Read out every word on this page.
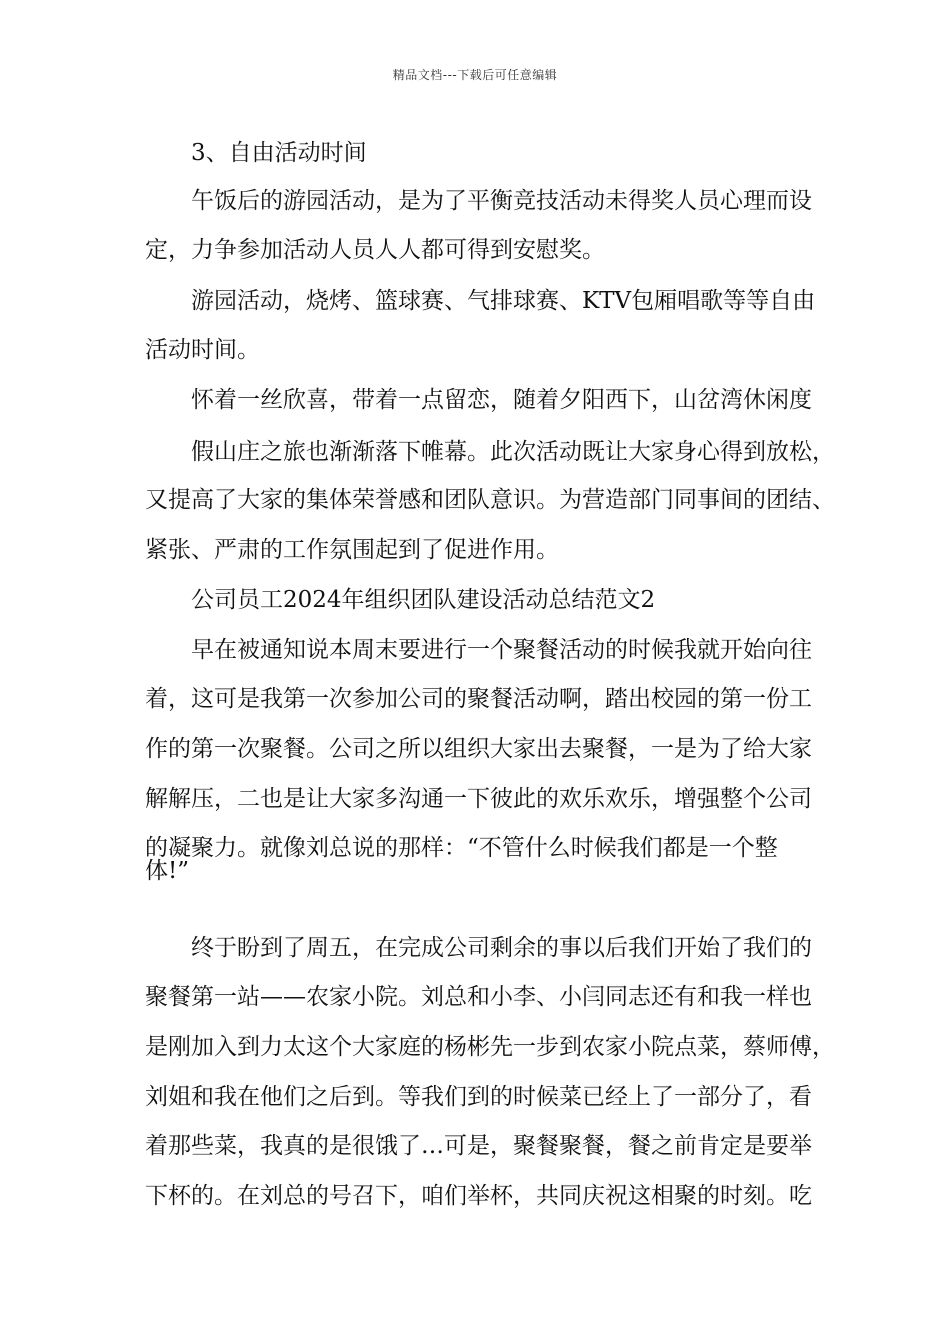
精品文档---下载后可任意编辑
3、自由活动时间
午饭后的游园活动，是为了平衡竞技活动未得奖人员心理而设
定，力争参加活动人员人人都可得到安慰奖。
游园活动，烧烤、篮球赛、气排球赛、KTV包厢唱歌等等自由
活动时间。
怀着一丝欣喜，带着一点留恋，随着夕阳西下，山岔湾休闲度
假山庄之旅也渐渐落下帷幕。此次活动既让大家身心得到放松，
又提高了大家的集体荣誉感和团队意识。为营造部门同事间的团结、
紧张、严肃的工作氛围起到了促进作用。
公司员工2024年组织团队建设活动总结范文2
早在被通知说本周末要进行一个聚餐活动的时候我就开始向往
着，这可是我第一次参加公司的聚餐活动啊，踏出校园的第一份工
作的第一次聚餐。公司之所以组织大家出去聚餐，一是为了给大家
解解压，二也是让大家多沟通一下彼此的欢乐欢乐，增强整个公司
的凝聚力。就像刘总说的那样：“不管什么时候我们都是一个整
体!”
终于盼到了周五，在完成公司剩余的事以后我们开始了我们的
聚餐第一站——农家小院。刘总和小李、小闫同志还有和我一样也
是刚加入到力太这个大家庭的杨彬先一步到农家小院点菜，蔡师傅，
刘姐和我在他们之后到。等我们到的时候菜已经上了一部分了，看
着那些菜，我真的是很饿了…可是，聚餐聚餐，餐之前肯定是要举
下杯的。在刘总的号召下，咱们举杯，共同庆祝这相聚的时刻。吃
